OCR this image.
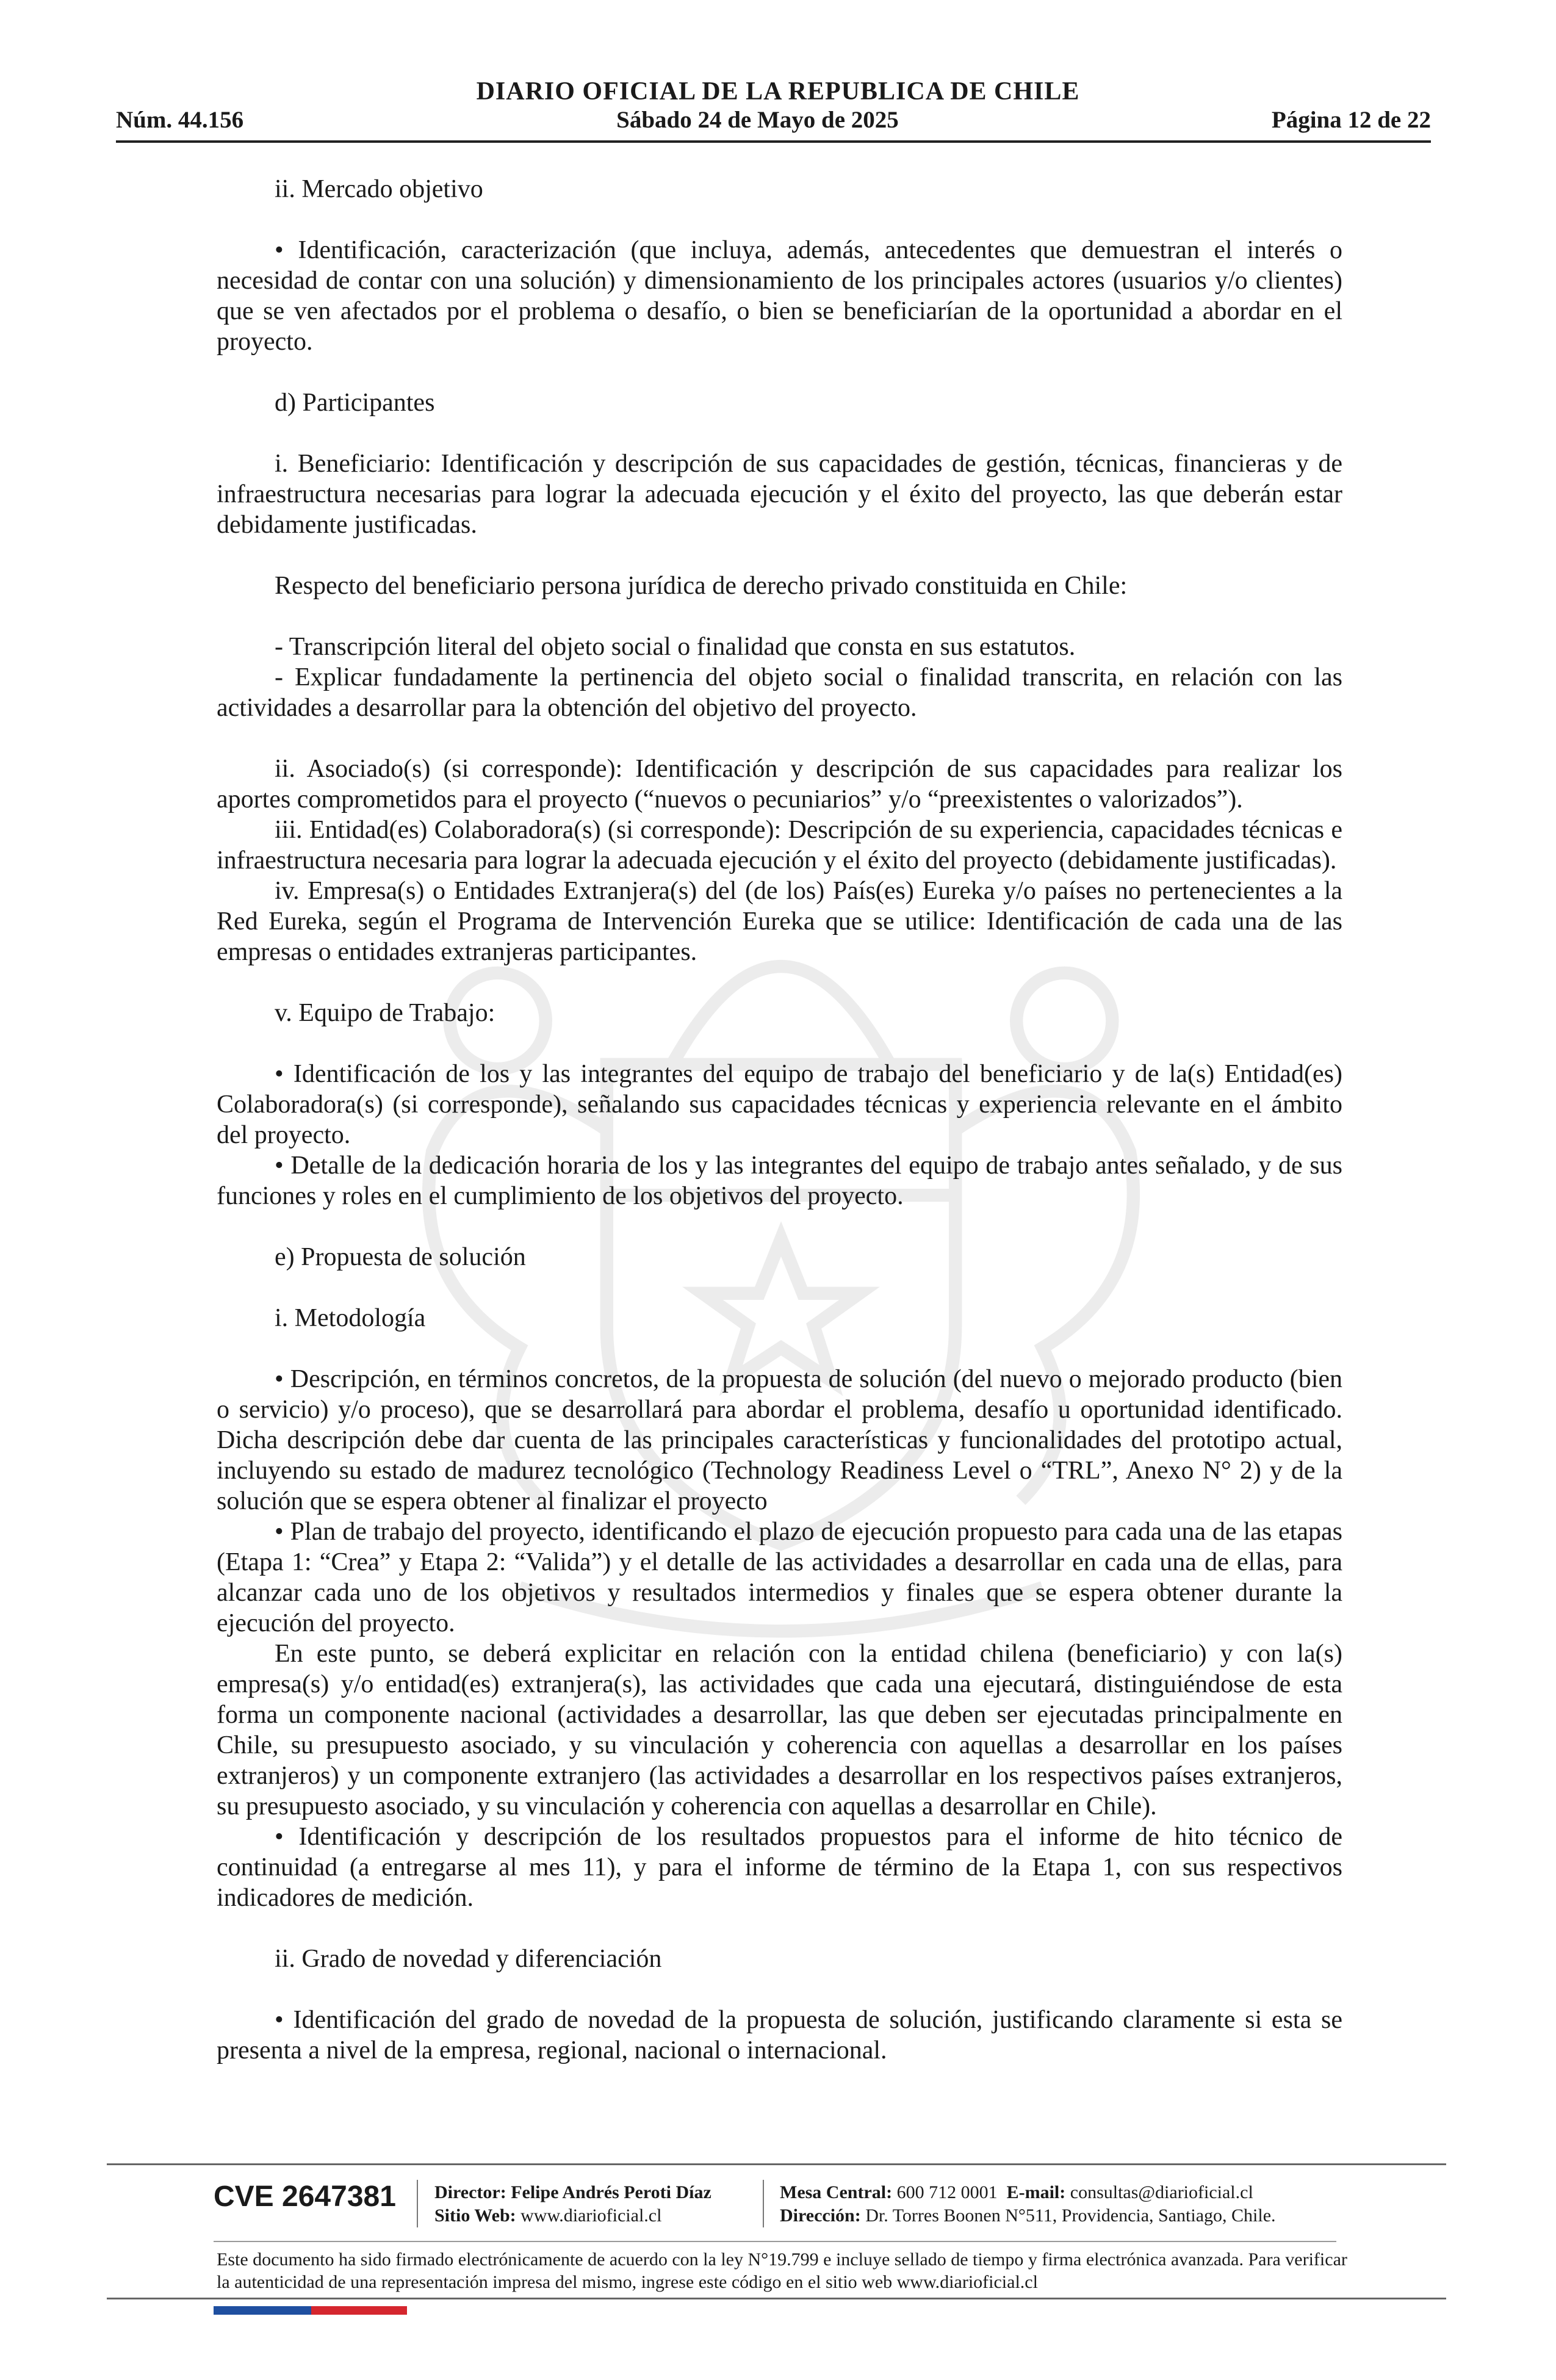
DIARIO OFICIAL DE LA REPUBLICA DE CHILE
Núm. 44.156	Sábado 24 de Mayo de 2025	Página 12 de 22

ii. Mercado objetivo

• Identificación, caracterización (que incluya, además, antecedentes que demuestran el interés o necesidad de contar con una solución) y dimensionamiento de los principales actores (usuarios y/o clientes) que se ven afectados por el problema o desafío, o bien se beneficiarían de la oportunidad a abordar en el proyecto.

d) Participantes

i. Beneficiario: Identificación y descripción de sus capacidades de gestión, técnicas, financieras y de infraestructura necesarias para lograr la adecuada ejecución y el éxito del proyecto, las que deberán estar debidamente justificadas.

Respecto del beneficiario persona jurídica de derecho privado constituida en Chile:

- Transcripción literal del objeto social o finalidad que consta en sus estatutos.

- Explicar fundadamente la pertinencia del objeto social o finalidad transcrita, en relación con las actividades a desarrollar para la obtención del objetivo del proyecto.

ii. Asociado(s) (si corresponde): Identificación y descripción de sus capacidades para realizar los aportes comprometidos para el proyecto (“nuevos o pecuniarios” y/o “preexistentes o valorizados”).

iii. Entidad(es) Colaboradora(s) (si corresponde): Descripción de su experiencia, capacidades técnicas e infraestructura necesaria para lograr la adecuada ejecución y el éxito del proyecto (debidamente justificadas).

iv. Empresa(s) o Entidades Extranjera(s) del (de los) País(es) Eureka y/o países no pertenecientes a la Red Eureka, según el Programa de Intervención Eureka que se utilice: Identificación de cada una de las empresas o entidades extranjeras participantes.

v. Equipo de Trabajo:

• Identificación de los y las integrantes del equipo de trabajo del beneficiario y de la(s) Entidad(es) Colaboradora(s) (si corresponde), señalando sus capacidades técnicas y experiencia relevante en el ámbito del proyecto.

• Detalle de la dedicación horaria de los y las integrantes del equipo de trabajo antes señalado, y de sus funciones y roles en el cumplimiento de los objetivos del proyecto.

e) Propuesta de solución

i. Metodología

• Descripción, en términos concretos, de la propuesta de solución (del nuevo o mejorado producto (bien o servicio) y/o proceso), que se desarrollará para abordar el problema, desafío u oportunidad identificado. Dicha descripción debe dar cuenta de las principales características y funcionalidades del prototipo actual, incluyendo su estado de madurez tecnológico (Technology Readiness Level o “TRL”, Anexo N° 2) y de la solución que se espera obtener al finalizar el proyecto

• Plan de trabajo del proyecto, identificando el plazo de ejecución propuesto para cada una de las etapas (Etapa 1: “Crea” y Etapa 2: “Valida”) y el detalle de las actividades a desarrollar en cada una de ellas, para alcanzar cada uno de los objetivos y resultados intermedios y finales que se espera obtener durante la ejecución del proyecto.

En este punto, se deberá explicitar en relación con la entidad chilena (beneficiario) y con la(s) empresa(s) y/o entidad(es) extranjera(s), las actividades que cada una ejecutará, distinguiéndose de esta forma un componente nacional (actividades a desarrollar, las que deben ser ejecutadas principalmente en Chile, su presupuesto asociado, y su vinculación y coherencia con aquellas a desarrollar en los países extranjeros) y un componente extranjero (las actividades a desarrollar en los respectivos países extranjeros, su presupuesto asociado, y su vinculación y coherencia con aquellas a desarrollar en Chile).

• Identificación y descripción de los resultados propuestos para el informe de hito técnico de continuidad (a entregarse al mes 11), y para el informe de término de la Etapa 1, con sus respectivos indicadores de medición.

ii. Grado de novedad y diferenciación

• Identificación del grado de novedad de la propuesta de solución, justificando claramente si esta se presenta a nivel de la empresa, regional, nacional o internacional.

CVE 2647381 Director: Felipe Andrés Peroti Díaz
Sitio Web: www.diarioficial.cl
Mesa Central: 600 712 0001 E-mail: consultas@diarioficial.cl
Dirección: Dr. Torres Boonen N°511, Providencia, Santiago, Chile.
Este documento ha sido firmado electrónicamente de acuerdo con la ley N°19.799 e incluye sellado de tiempo y firma electrónica avanzada. Para verificar la autenticidad de una representación impresa del mismo, ingrese este código en el sitio web www.diarioficial.cl
